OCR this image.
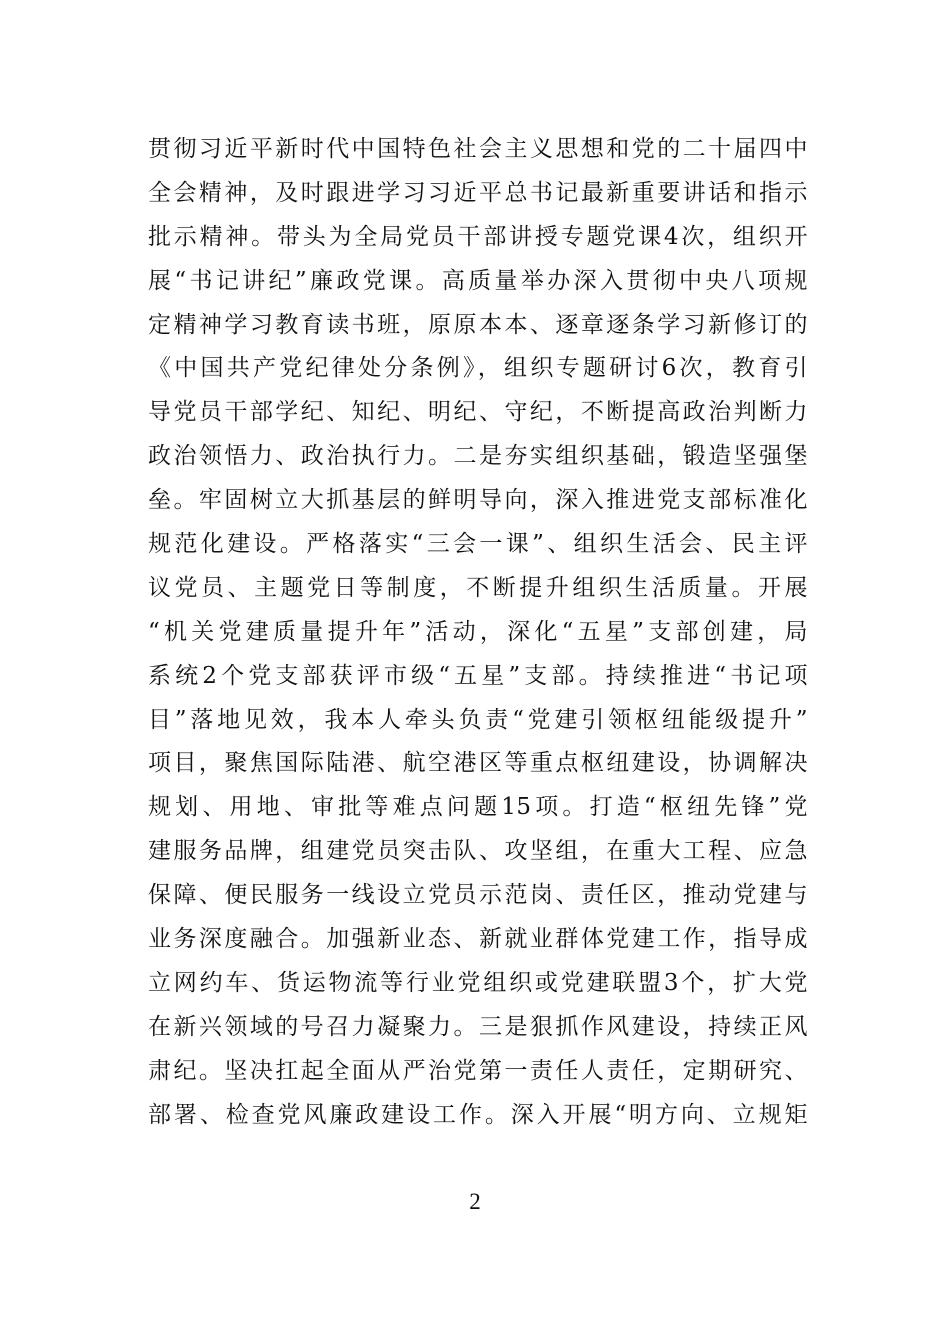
贯彻习近平新时代中国特色社会主义思想和党的二十届四中
全会精神，及时跟进学习习近平总书记最新重要讲话和指示
批示精神。带头为全局党员干部讲授专题党课4次，组织开
展“书记讲纪”廉政党课。高质量举办深入贯彻中央八项规
定精神学习教育读书班，原原本本、逐章逐条学习新修订的
《中国共产党纪律处分条例》，组织专题研讨6次，教育引
导党员干部学纪、知纪、明纪、守纪，不断提高政治判断力
政治领悟力、政治执行力。二是夯实组织基础，锻造坚强堡
垒。牢固树立大抓基层的鲜明导向，深入推进党支部标准化
规范化建设。严格落实“三会一课”、组织生活会、民主评
议党员、主题党日等制度，不断提升组织生活质量。开展
“机关党建质量提升年”活动，深化“五星”支部创建，局
系统2个党支部获评市级“五星”支部。持续推进“书记项
目”落地见效，我本人牵头负责“党建引领枢纽能级提升”
项目，聚焦国际陆港、航空港区等重点枢纽建设，协调解决
规划、用地、审批等难点问题15项。打造“枢纽先锋”党
建服务品牌，组建党员突击队、攻坚组，在重大工程、应急
保障、便民服务一线设立党员示范岗、责任区，推动党建与
业务深度融合。加强新业态、新就业群体党建工作，指导成
立网约车、货运物流等行业党组织或党建联盟3个，扩大党
在新兴领域的号召力凝聚力。三是狠抓作风建设，持续正风
肃纪。坚决扛起全面从严治党第一责任人责任，定期研究、
部署、检查党风廉政建设工作。深入开展“明方向、立规矩
2
